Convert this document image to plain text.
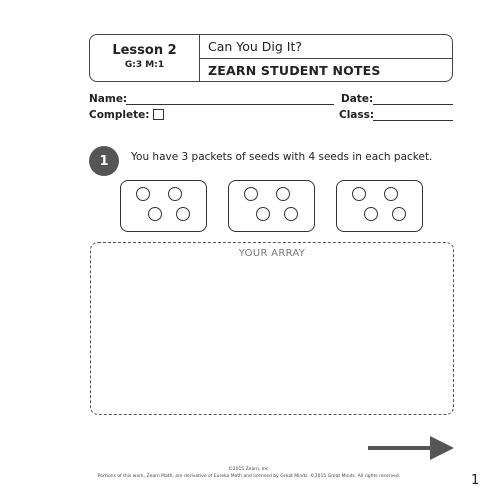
Lesson 2
G:3 M:1
Can You Dig It?
ZEARN STUDENT NOTES
Name:	Date:
Complete:	Class:
1	You have 3 packets of seeds with 4 seeds in each packet.
YOUR ARRAY
©2015 Zearn, Inc.
Portions of this work, Zearn Math, are derivative of Eureka Math and licensed by Great Minds. ©2015 Great Minds. All rights reserved.	1
